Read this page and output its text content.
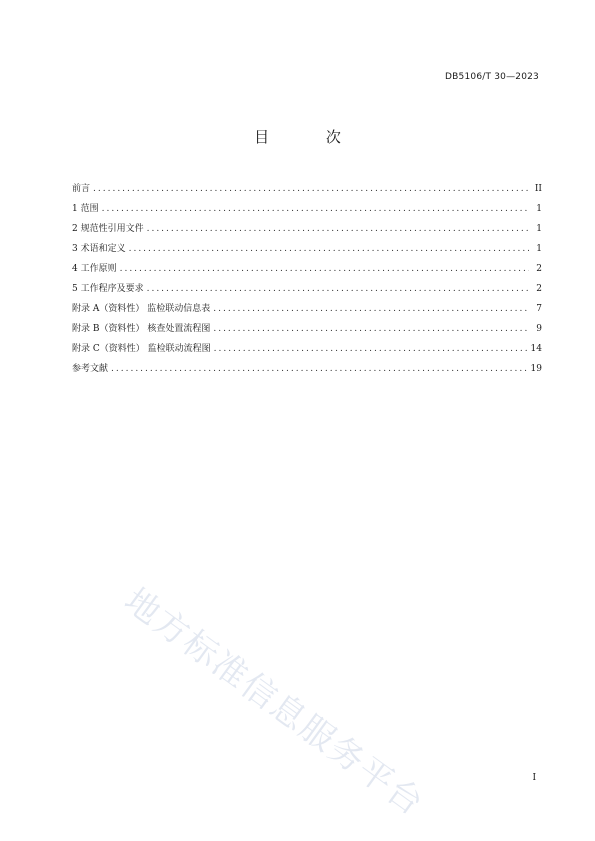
DB5106/T 30—2023
目 次
前言 .....	II
1 范围 .....	1
2 规范性引用文件 .....	1
3 术语和定义 .....	1
4 工作原则 .....	2
5 工作程序及要求 .....	2
附录 A（资料性） 监检联动信息表 .....	7
附录 B（资料性） 核查处置流程图 .....	9
附录 C（资料性） 监检联动流程图 .....	14
参考文献 .....	19
地方标准信息服务平台	I
